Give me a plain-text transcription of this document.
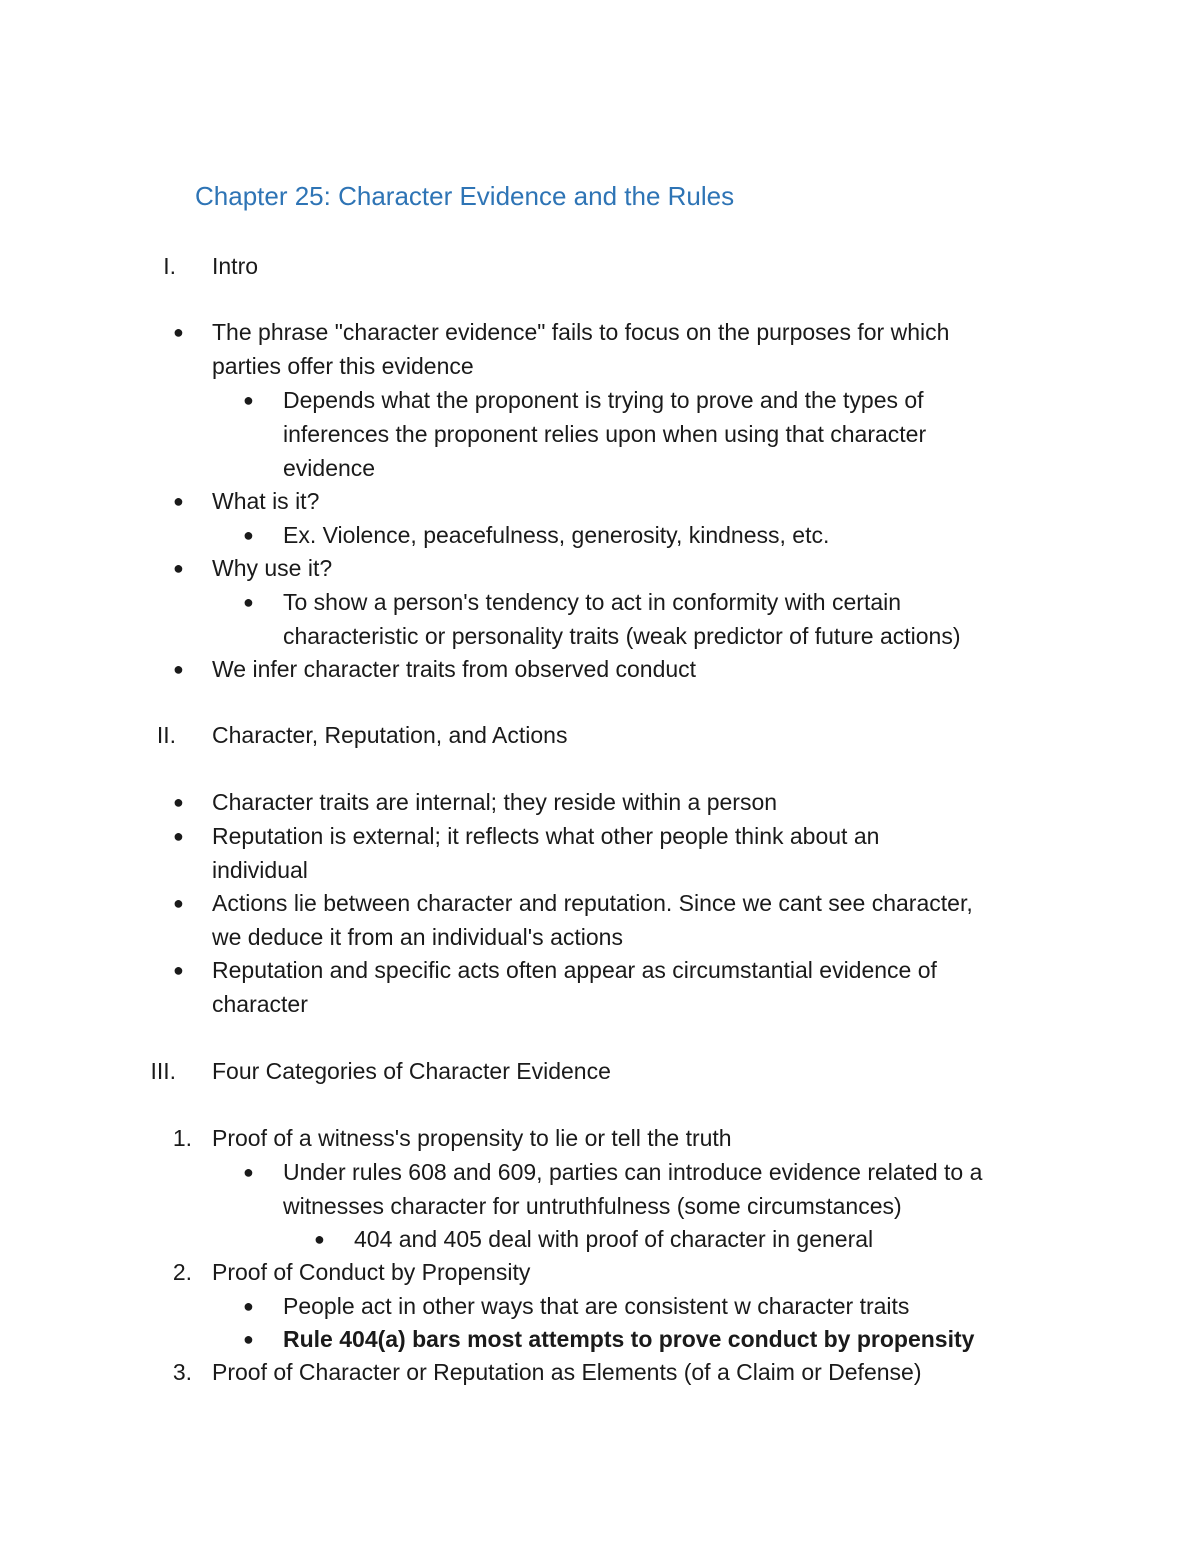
Chapter 25: Character Evidence and the Rules
I. Intro
● The phrase "character evidence" fails to focus on the purposes for which
parties offer this evidence
● Depends what the proponent is trying to prove and the types of
inferences the proponent relies upon when using that character
evidence
● What is it?
● Ex. Violence, peacefulness, generosity, kindness, etc.
● Why use it?
● To show a person's tendency to act in conformity with certain
characteristic or personality traits (weak predictor of future actions)
● We infer character traits from observed conduct
II. Character, Reputation, and Actions
● Character traits are internal; they reside within a person
● Reputation is external; it reflects what other people think about an
individual
● Actions lie between character and reputation. Since we cant see character,
we deduce it from an individual's actions
● Reputation and specific acts often appear as circumstantial evidence of
character
III. Four Categories of Character Evidence
1. Proof of a witness's propensity to lie or tell the truth
● Under rules 608 and 609, parties can introduce evidence related to a
witnesses character for untruthfulness (some circumstances)
● 404 and 405 deal with proof of character in general
2. Proof of Conduct by Propensity
● People act in other ways that are consistent w character traits
● Rule 404(a) bars most attempts to prove conduct by propensity
3. Proof of Character or Reputation as Elements (of a Claim or Defense)
